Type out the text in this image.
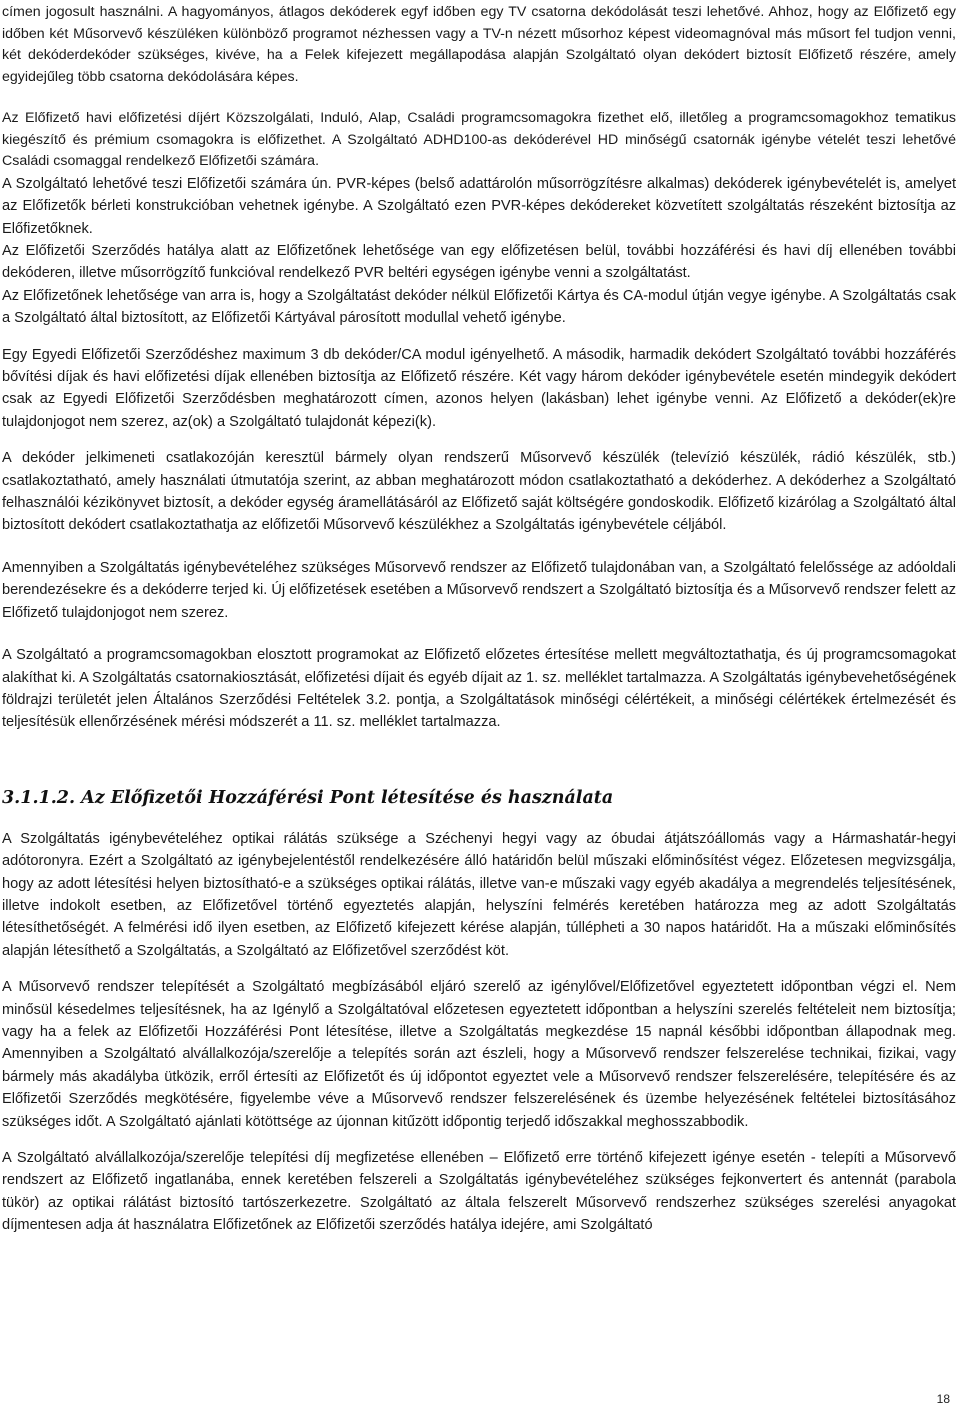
címen jogosult használni. A hagyományos, átlagos dekóderek egyf időben egy TV csatorna dekódolását teszi lehetővé. Ahhoz, hogy az Előfizető egy időben két Műsorvevő készüléken különböző programot nézhessen vagy a TV-n nézett műsorhoz képest videomagnóval más műsort fel tudjon venni, két dekóderdekóder szükséges, kivéve, ha a Felek kifejezett megállapodása alapján Szolgáltató olyan dekódert biztosít Előfizető részére, amely egyidejűleg több csatorna dekódolására képes.

Az Előfizető havi előfizetési díjért Közszolgálati, Induló, Alap, Családi programcsomagokra fizethet elő, illetőleg a programcsomagokhoz tematikus kiegészítő és prémium csomagokra is előfizethet. A Szolgáltató ADHD100-as dekóderével HD minőségű csatornák igénybe vételét teszi lehetővé Családi csomaggal rendelkező Előfizetői számára.

A Szolgáltató lehetővé teszi Előfizetői számára ún. PVR-képes (belső adattárolón műsorrögzítésre alkalmas) dekóderek igénybevételét is, amelyet az Előfizetők bérleti konstrukcióban vehetnek igénybe. A Szolgáltató ezen PVR-képes dekódereket közvetített szolgáltatás részeként biztosítja az Előfizetőknek.

Az Előfizetői Szerződés hatálya alatt az Előfizetőnek lehetősége van egy előfizetésen belül, további hozzáférési és havi díj ellenében további dekóderen, illetve műsorrögzítő funkcióval rendelkező PVR beltéri egységen igénybe venni a szolgáltatást.

Az Előfizetőnek lehetősége van arra is, hogy a Szolgáltatást dekóder nélkül Előfizetői Kártya és CA-modul útján vegye igénybe. A Szolgáltatás csak a Szolgáltató által biztosított, az Előfizetői Kártyával párosított modullal vehető igénybe.

Egy Egyedi Előfizetői Szerződéshez maximum 3 db dekóder/CA modul igényelhető. A második, harmadik dekódert Szolgáltató további hozzáférés bővítési díjak és havi előfizetési díjak ellenében biztosítja az Előfizető részére. Két vagy három dekóder igénybevétele esetén mindegyik dekódert csak az Egyedi Előfizetői Szerződésben meghatározott címen, azonos helyen (lakásban) lehet igénybe venni. Az Előfizető a dekóder(ek)re tulajdonjogot nem szerez, az(ok) a Szolgáltató tulajdonát képezi(k).

A dekóder jelkimeneti csatlakozóján keresztül bármely olyan rendszerű Műsorvevő készülék (televízió készülék, rádió készülék, stb.) csatlakoztatható, amely használati útmutatója szerint, az abban meghatározott módon csatlakoztatható a dekóderhez. A dekóderhez a Szolgáltató felhasználói kézikönyvet biztosít, a dekóder egység áramellátásáról az Előfizető saját költségére gondoskodik. Előfizető kizárólag a Szolgáltató által biztosított dekódert csatlakoztathatja az előfizetői Műsorvevő készülékhez a Szolgáltatás igénybevétele céljából.

Amennyiben a Szolgáltatás igénybevételéhez szükséges Műsorvevő rendszer az Előfizető tulajdonában van, a Szolgáltató felelőssége az adóoldali berendezésekre és a dekóderre terjed ki. Új előfizetések esetében a Műsorvevő rendszert a Szolgáltató biztosítja és a Műsorvevő rendszer felett az Előfizető tulajdonjogot nem szerez.

A Szolgáltató a programcsomagokban elosztott programokat az Előfizető előzetes értesítése mellett megváltoztathatja, és új programcsomagokat alakíthat ki. A Szolgáltatás csatornakiosztását, előfizetési díjait és egyéb díjait az 1. sz. melléklet tartalmazza. A Szolgáltatás igénybevehetőségének földrajzi területét jelen Általános Szerződési Feltételek 3.2. pontja, a Szolgáltatások minőségi célértékeit, a minőségi célértékek értelmezését és teljesítésük ellenőrzésének mérési módszerét a 11. sz. melléklet tartalmazza.

3.1.1.2. Az Előfizetői Hozzáférési Pont létesítése és használata

A Szolgáltatás igénybevételéhez optikai rálátás szüksége a Széchenyi hegyi vagy az óbudai átjátszóállomás vagy a Hármashatár-hegyi adótoronyra. Ezért a Szolgáltató az igénybejelentéstől rendelkezésére álló határidőn belül műszaki előminősítést végez. Előzetesen megvizsgálja, hogy az adott létesítési helyen biztosítható-e a szükséges optikai rálátás, illetve van-e műszaki vagy egyéb akadálya a megrendelés teljesítésének, illetve indokolt esetben, az Előfizetővel történő egyeztetés alapján, helyszíni felmérés keretében határozza meg az adott Szolgáltatás létesíthetőségét. A felmérési idő ilyen esetben, az Előfizető kifejezett kérése alapján, túllépheti a 30 napos határidőt. Ha a műszaki előminősítés alapján létesíthető a Szolgáltatás, a Szolgáltató az Előfizetővel szerződést köt.

A Műsorvevő rendszer telepítését a Szolgáltató megbízásából eljáró szerelő az igénylővel/Előfizetővel egyeztetett időpontban végzi el. Nem minősül késedelmes teljesítésnek, ha az Igénylő a Szolgáltatóval előzetesen egyeztetett időpontban a helyszíni szerelés feltételeit nem biztosítja; vagy ha a felek az Előfizetői Hozzáférési Pont létesítése, illetve a Szolgáltatás megkezdése 15 napnál későbbi időpontban állapodnak meg. Amennyiben a Szolgáltató alvállalkozója/szerelője a telepítés során azt észleli, hogy a Műsorvevő rendszer felszerelése technikai, fizikai, vagy bármely más akadályba ütközik, erről értesíti az Előfizetőt és új időpontot egyeztet vele a Műsorvevő rendszer felszerelésére, telepítésére és az Előfizetői Szerződés megkötésére, figyelembe véve a Műsorvevő rendszer felszerelésének és üzembe helyezésének feltételei biztosításához szükséges időt. A Szolgáltató ajánlati kötöttsége az újonnan kitűzött időpontig terjedő időszakkal meghosszabbodik.

A Szolgáltató alvállalkozója/szerelője telepítési díj megfizetése ellenében – Előfizető erre történő kifejezett igénye esetén - telepíti a Műsorvevő rendszert az Előfizető ingatlanába, ennek keretében felszereli a Szolgáltatás igénybevételéhez szükséges fejkonvertert és antennát (parabola tükör) az optikai rálátást biztosító tartószerkezetre. Szolgáltató az általa felszerelt Műsorvevő rendszerhez szükséges szerelési anyagokat díjmentesen adja át használatra Előfizetőnek az Előfizetői szerződés hatálya idejére, ami Szolgáltató

18
